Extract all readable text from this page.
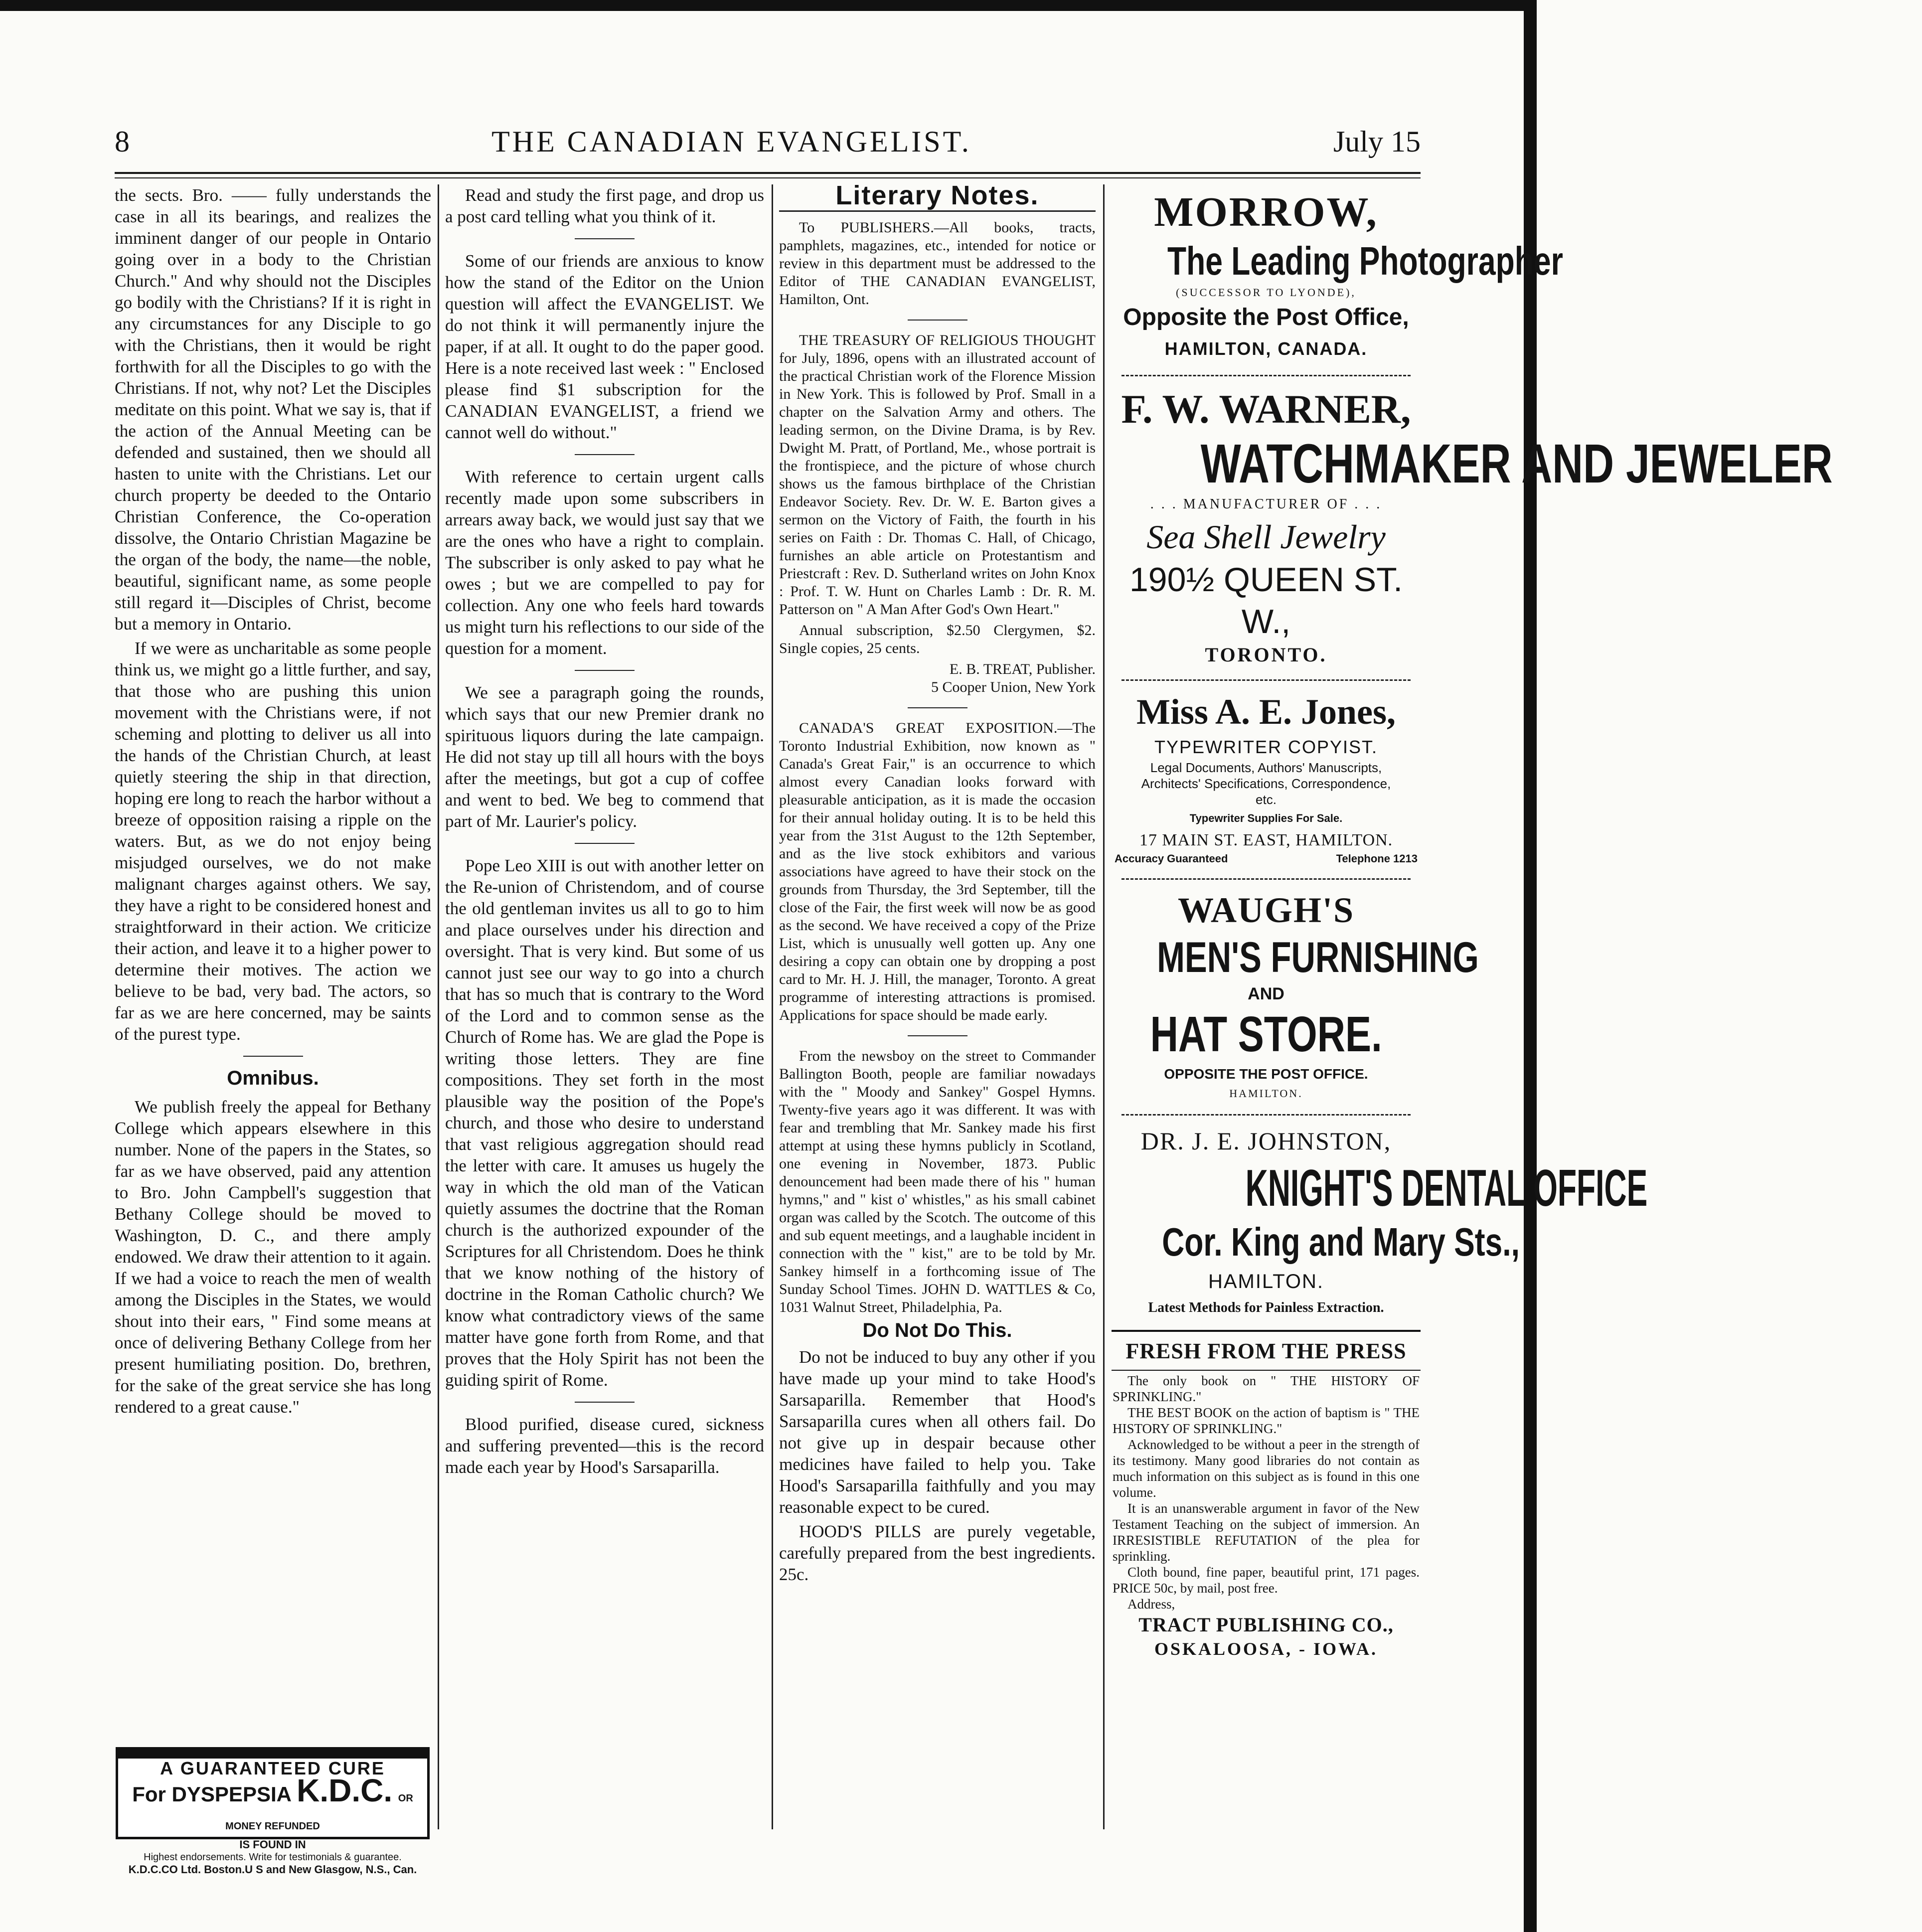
8	THE CANADIAN EVANGELIST.	July 15

the sects. Bro. —— fully understands the case in all its bearings, and realizes the imminent danger of our people in Ontario going over in a body to the Christian Church." And why should not the Disciples go bodily with the Christians? If it is right in any circumstances for any Disciple to go with the Christians, then it would be right forthwith for all the Disciples to go with the Christians. If not, why not? Let the Disciples meditate on this point. What we say is, that if the action of the Annual Meeting can be defended and sustained, then we should all hasten to unite with the Christians. Let our church property be deeded to the Ontario Christian Conference, the Co-operation dissolve, the Ontario Christian Magazine be the organ of the body, the name—the noble, beautiful, significant name, as some people still regard it—Disciples of Christ, become but a memory in Ontario.

If we were as uncharitable as some people think us, we might go a little further, and say, that those who are pushing this union movement with the Christians were, if not scheming and plotting to deliver us all into the hands of the Christian Church, at least quietly steering the ship in that direction, hoping ere long to reach the harbor without a breeze of opposition raising a ripple on the waters. But, as we do not enjoy being misjudged ourselves, we do not make malignant charges against others. We say, they have a right to be considered honest and straightforward in their action. We criticize their action, and leave it to a higher power to determine their motives. The action we believe to be bad, very bad. The actors, so far as we are here concerned, may be saints of the purest type.

Omnibus.

We publish freely the appeal for Bethany College which appears elsewhere in this number. None of the papers in the States, so far as we have observed, paid any attention to Bro. John Campbell's suggestion that Bethany College should be moved to Washington, D. C., and there amply endowed. We draw their attention to it again. If we had a voice to reach the men of wealth among the Disciples in the States, we would shout into their ears, " Find some means at once of delivering Bethany College from her present humiliating position. Do, brethren, for the sake of the great service she has long rendered to a great cause."

A GUARANTEED CURE
For DYSPEPSIA K.D.C. OR MONEY REFUNDED
IS FOUND IN
Highest endorsements. Write for testimonials & guarantee.
K.D.C.CO Ltd. Boston.U S and New Glasgow, N.S., Can.

Read and study the first page, and drop us a post card telling what you think of it.

Some of our friends are anxious to know how the stand of the Editor on the Union question will affect the EVANGELIST. We do not think it will permanently injure the paper, if at all. It ought to do the paper good. Here is a note received last week : " Enclosed please find $1 subscription for the CANADIAN EVANGELIST, a friend we cannot well do without."

With reference to certain urgent calls recently made upon some subscribers in arrears away back, we would just say that we are the ones who have a right to complain. The subscriber is only asked to pay what he owes ; but we are compelled to pay for collection. Any one who feels hard towards us might turn his reflections to our side of the question for a moment.

We see a paragraph going the rounds, which says that our new Premier drank no spirituous liquors during the late campaign. He did not stay up till all hours with the boys after the meetings, but got a cup of coffee and went to bed. We beg to commend that part of Mr. Laurier's policy.

Pope Leo XIII is out with another letter on the Re-union of Christendom, and of course the old gentleman invites us all to go to him and place ourselves under his direction and oversight. That is very kind. But some of us cannot just see our way to go into a church that has so much that is contrary to the Word of the Lord and to common sense as the Church of Rome has. We are glad the Pope is writing those letters. They are fine compositions. They set forth in the most plausible way the position of the Pope's church, and those who desire to understand that vast religious aggregation should read the letter with care. It amuses us hugely the way in which the old man of the Vatican quietly assumes the doctrine that the Roman church is the authorized expounder of the Scriptures for all Christendom. Does he think that we know nothing of the history of doctrine in the Roman Catholic church? We know what contradictory views of the same matter have gone forth from Rome, and that proves that the Holy Spirit has not been the guiding spirit of Rome.

Blood purified, disease cured, sickness and suffering prevented—this is the record made each year by Hood's Sarsaparilla.

Literary Notes.

To PUBLISHERS.—All books, tracts, pamphlets, magazines, etc., intended for notice or review in this department must be addressed to the Editor of THE CANADIAN EVANGELIST, Hamilton, Ont.

THE TREASURY OF RELIGIOUS THOUGHT for July, 1896, opens with an illustrated account of the practical Christian work of the Florence Mission in New York. This is followed by Prof. Small in a chapter on the Salvation Army and others. The leading sermon, on the Divine Drama, is by Rev. Dwight M. Pratt, of Portland, Me., whose portrait is the frontispiece, and the picture of whose church shows us the famous birthplace of the Christian Endeavor Society. Rev. Dr. W. E. Barton gives a sermon on the Victory of Faith, the fourth in his series on Faith : Dr. Thomas C. Hall, of Chicago, furnishes an able article on Protestantism and Priestcraft : Rev. D. Sutherland writes on John Knox : Prof. T. W. Hunt on Charles Lamb : Dr. R. M. Patterson on " A Man After God's Own Heart."

Annual subscription, $2.50 Clergymen, $2. Single copies, 25 cents.

E. B. TREAT, Publisher.
5 Cooper Union, New York

CANADA'S GREAT EXPOSITION.—The Toronto Industrial Exhibition, now known as " Canada's Great Fair," is an occurrence to which almost every Canadian looks forward with pleasurable anticipation, as it is made the occasion for their annual holiday outing. It is to be held this year from the 31st August to the 12th September, and as the live stock exhibitors and various associations have agreed to have their stock on the grounds from Thursday, the 3rd September, till the close of the Fair, the first week will now be as good as the second. We have received a copy of the Prize List, which is unusually well gotten up. Any one desiring a copy can obtain one by dropping a post card to Mr. H. J. Hill, the manager, Toronto. A great programme of interesting attractions is promised. Applications for space should be made early.

From the newsboy on the street to Commander Ballington Booth, people are familiar nowadays with the " Moody and Sankey" Gospel Hymns. Twenty-five years ago it was different. It was with fear and trembling that Mr. Sankey made his first attempt at using these hymns publicly in Scotland, one evening in November, 1873. Public denouncement had been made there of his " human hymns," and " kist o' whistles," as his small cabinet organ was called by the Scotch. The outcome of this and sub equent meetings, and a laughable incident in connection with the " kist," are to be told by Mr. Sankey himself in a forthcoming issue of The Sunday School Times. JOHN D. WATTLES & Co, 1031 Walnut Street, Philadelphia, Pa.

Do Not Do This.

Do not be induced to buy any other if you have made up your mind to take Hood's Sarsaparilla. Remember that Hood's Sarsaparilla cures when all others fail. Do not give up in despair because other medicines have failed to help you. Take Hood's Sarsaparilla faithfully and you may reasonable expect to be cured.

HOOD'S PILLS are purely vegetable, carefully prepared from the best ingredients. 25c.

MORROW,
The Leading Photographer
(SUCCESSOR TO LYONDE),
Opposite the Post Office,
HAMILTON, CANADA.
F. W. WARNER,
WATCHMAKER AND JEWELER
. . . MANUFACTURER OF . . .
Sea Shell Jewelry
190½ QUEEN ST. W.,
TORONTO.
Miss A. E. Jones,
TYPEWRITER COPYIST.
Legal Documents, Authors' Manuscripts, Architects' Specifications, Correspondence, etc.
Typewriter Supplies For Sale.
17 MAIN ST. EAST, HAMILTON.
Accuracy Guaranteed	Telephone 1213
WAUGH'S
MEN'S FURNISHING
AND
HAT STORE.
OPPOSITE THE POST OFFICE.
HAMILTON.
DR. J. E. JOHNSTON,
KNIGHT'S DENTAL OFFICE
Cor. King and Mary Sts.,
HAMILTON.
Latest Methods for Painless Extraction.
FRESH FROM THE PRESS

The only book on " THE HISTORY OF SPRINKLING."

THE BEST BOOK on the action of baptism is " THE HISTORY OF SPRINKLING."

Acknowledged to be without a peer in the strength of its testimony. Many good libraries do not contain as much information on this subject as is found in this one volume.

It is an unanswerable argument in favor of the New Testament Teaching on the subject of immersion. An IRRESISTIBLE REFUTATION of the plea for sprinkling.

Cloth bound, fine paper, beautiful print, 171 pages. PRICE 50c, by mail, post free.

Address,

TRACT PUBLISHING CO.,
OSKALOOSA, - IOWA.
